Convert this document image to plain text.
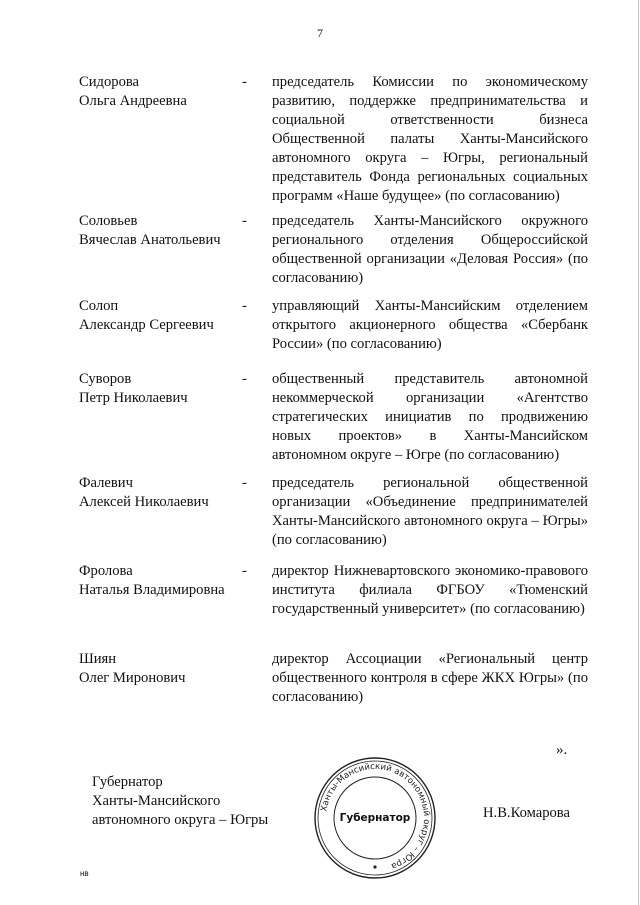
7
Сидорова
Ольга Андреевна
- председатель Комиссии по экономическому развитию, поддержке предпринимательства и социальной ответственности бизнеса Общественной палаты Ханты-Мансийского автономного округа – Югры, региональный представитель Фонда региональных социальных программ «Наше будущее» (по согласованию)
Соловьев
Вячеслав Анатольевич
- председатель Ханты-Мансийского окружного регионального отделения Общероссийской общественной организации «Деловая Россия» (по согласованию)
Солоп
Александр Сергеевич
- управляющий Ханты-Мансийским отделением открытого акционерного общества «Сбербанк России» (по согласованию)
Суворов
Петр Николаевич
- общественный представитель автономной некоммерческой организации «Агентство стратегических инициатив по продвижению новых проектов» в Ханты-Мансийском автономном округе – Югре (по согласованию)
Фалевич
Алексей Николаевич
- председатель региональной общественной организации «Объединение предпринимателей Ханты-Мансийского автономного округа – Югры» (по согласованию)
Фролова
Наталья Владимировна
- директор Нижневартовского экономико-правового института филиала ФГБОУ «Тюменский государственный университет» (по согласованию)
Шиян
Олег Миронович
директор Ассоциации «Региональный центр общественного контроля в сфере ЖКХ Югры» (по согласованию)
».
Губернатор
Ханты-Мансийского
автономного округа – Югры
Ханты-Мансийский автономный округ – Югра
Губернатор	Н.В.Комарова
нв
